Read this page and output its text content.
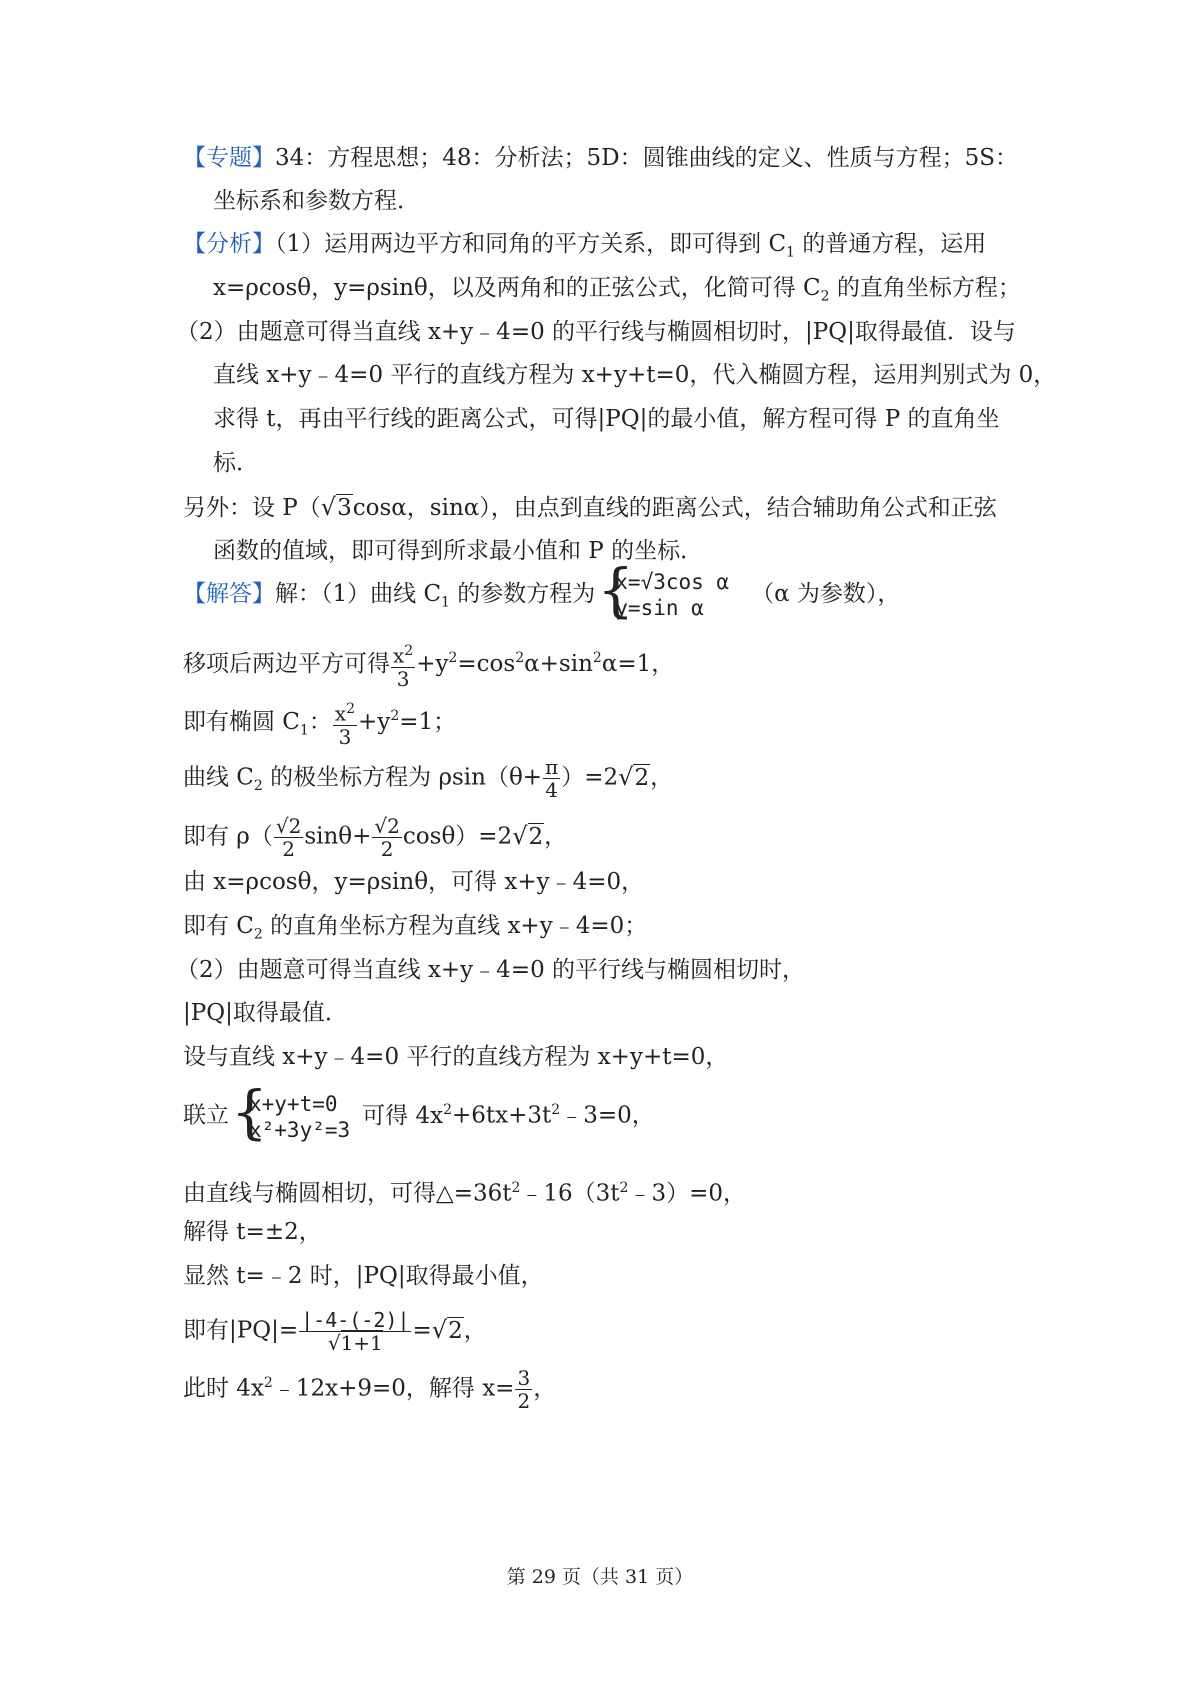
【专题】34：方程思想；48：分析法；5D：圆锥曲线的定义、性质与方程；5S：
坐标系和参数方程．
【分析】（1）运用两边平方和同角的平方关系，即可得到 $C_1$ 的普通方程，运用
x=ρcosθ，y=ρsinθ，以及两角和的正弦公式，化简可得 $C_2$ 的直角坐标方程；
（2）由题意可得当直线 x+y﹣4=0 的平行线与椭圆相切时，|PQ|取得最值．设与
直线 x+y﹣4=0 平行的直线方程为 x+y+t=0，代入椭圆方程，运用判别式为 0，
求得 t，再由平行线的距离公式，可得|PQ|的最小值，解方程可得 P 的直角坐
标．
另外：设 P（√3cosα，sinα），由点到直线的距离公式，结合辅助角公式和正弦
函数的值域，即可得到所求最小值和 P 的坐标．
【解答】解：（1）曲线 $C_1$ 的参数方程为 { x=√3cos α
y=sin α
（α 为参数），
移项后两边平方可得 $\frac{x^2}{3} +y^2=\cos^2\alpha+\sin^2\alpha=1$，
即有椭圆 $C_1$： $\frac{x^2}{3} +y^2=1$；
曲线 $C_2$ 的极坐标方程为 $\rho\sin(\theta+ \frac{\pi}{4} )=2√2$，
即有 $\rho( \frac{√2}{2} \sin\theta+ \frac{√2}{2} \cos\theta)=2√2$，
由 x=ρcosθ，y=ρsinθ，可得 x+y﹣4=0，
即有 $C_2$ 的直角坐标方程为直线 x+y﹣4=0；
（2）由题意可得当直线 x+y﹣4=0 的平行线与椭圆相切时，
|PQ|取得最值．
设与直线 x+y﹣4=0 平行的直线方程为 x+y+t=0，
联立 { x+y+t=0
x²+3y²=3
可得 $4x^2+6tx+3t^2﹣3=0$，
由直线与椭圆相切，可得$\triangle=36t^2﹣16(3t^2﹣3)=0$，
解得 t=±2，
显然 t=﹣2 时，|PQ|取得最小值，
即有$|PQ|= \frac{|-4-(-2)|}{√1+1} =√2$，
此时 $4x^2﹣12x+9=0$，解得 $x= \frac{3}{2}$ ，
第 29 页（共 31 页）
